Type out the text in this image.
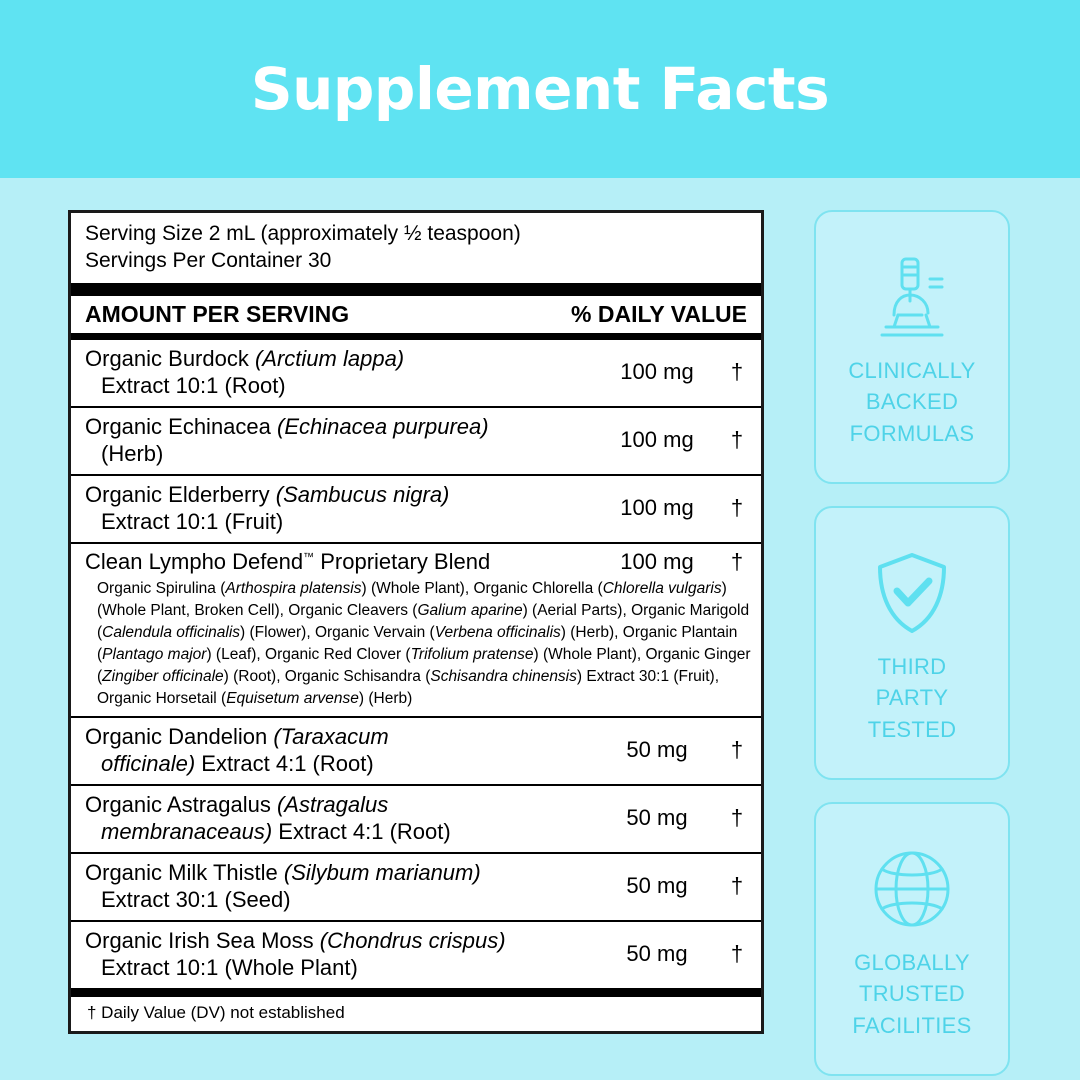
Supplement Facts
Serving Size 2 mL (approximately ½ teaspoon)
Servings Per Container 30
AMOUNT PER SERVING	% DAILY VALUE
Organic Burdock (Arctium lappa)
Extract 10:1 (Root)
100 mg	†
Organic Echinacea (Echinacea purpurea)
(Herb)
100 mg	†
Organic Elderberry (Sambucus nigra)
Extract 10:1 (Fruit)
100 mg	†
Clean Lympho Defend™ Proprietary Blend	100 mg	†
Organic Spirulina (Arthospira platensis) (Whole Plant), Organic Chlorella (Chlorella vulgaris) (Whole Plant, Broken Cell), Organic Cleavers (Galium aparine) (Aerial Parts), Organic Marigold (Calendula officinalis) (Flower), Organic Vervain (Verbena officinalis) (Herb), Organic Plantain (Plantago major) (Leaf), Organic Red Clover (Trifolium pratense) (Whole Plant), Organic Ginger (Zingiber officinale) (Root), Organic Schisandra (Schisandra chinensis) Extract 30:1 (Fruit), Organic Horsetail (Equisetum arvense) (Herb)
Organic Dandelion (Taraxacum
officinale) Extract 4:1 (Root)
50 mg	†
Organic Astragalus (Astragalus
membranaceaus) Extract 4:1 (Root)
50 mg	†
Organic Milk Thistle (Silybum marianum)
Extract 30:1 (Seed)
50 mg	†
Organic Irish Sea Moss (Chondrus crispus)
Extract 10:1 (Whole Plant)
50 mg	†
† Daily Value (DV) not established
CLINICALLY
BACKED
FORMULAS
THIRD
PARTY
TESTED
GLOBALLY
TRUSTED
FACILITIES
